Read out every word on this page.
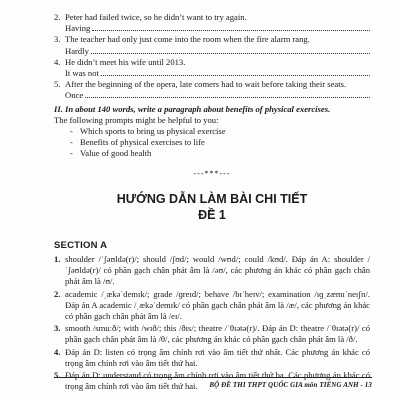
2. Peter had failed twice, so he didn’t want to try again.
Having
3. The teacher had only just come into the room when the fire alarm rang.
Hardly
4. He didn’t meet his wife until 2013.
It was not
5. After the beginning of the opera, late comers had to wait before taking their seats.
Once
II. In about 140 words, write a paragraph about benefits of physical exercises.
The following prompts might be helpful to you:
- Which sports to bring us physical exercise
- Benefits of physical exercises to life
- Value of good health
---***---
HƯỚNG DẪN LÀM BÀI CHI TIẾT
ĐỀ 1
SECTION A
1. shoulder /ˈʃəʊldə(r)/; should /ʃʊd/; would /wʊd/; could /kʊd/. Đáp án A: shoulder /ˈʃəʊldə(r)/ có phần gạch chân phát âm là /əʊ/, các phương án khác có phần gạch chân phát âm là /ʊ/.
2. academic /ˌækəˈdemɪk/; grade /ɡreɪd/; behave /bɪˈheɪv/; examination /ɪɡˌzæmɪˈneɪʃn/. Đáp án A academic /ˌækəˈdemɪk/ có phần gạch chân phát âm là /æ/, các phương án khác có phần gạch chân phát âm là /eɪ/.
3. smooth /smuːð/; with /wɪð/; this /ðɪs/; theatre /ˈθɪətə(r)/. Đáp án D: theatre /ˈθɪətə(r)/ có phần gạch chân phát âm là /θ/, các phương án khác có phần gạch chân phát âm là /ð/.
4. Đáp án D: listen có trọng âm chính rơi vào âm tiết thứ nhất. Các phương án khác có trọng âm chính rơi vào âm tiết thứ hai.
5. Đáp án D: understand có trọng âm chính rơi vào âm tiết thứ ba. Các phương án khác có trọng âm chính rơi vào âm tiết thứ hai.	BỘ ĐỀ THI THPT QUỐC GIA môn TIẾNG ANH - 13
